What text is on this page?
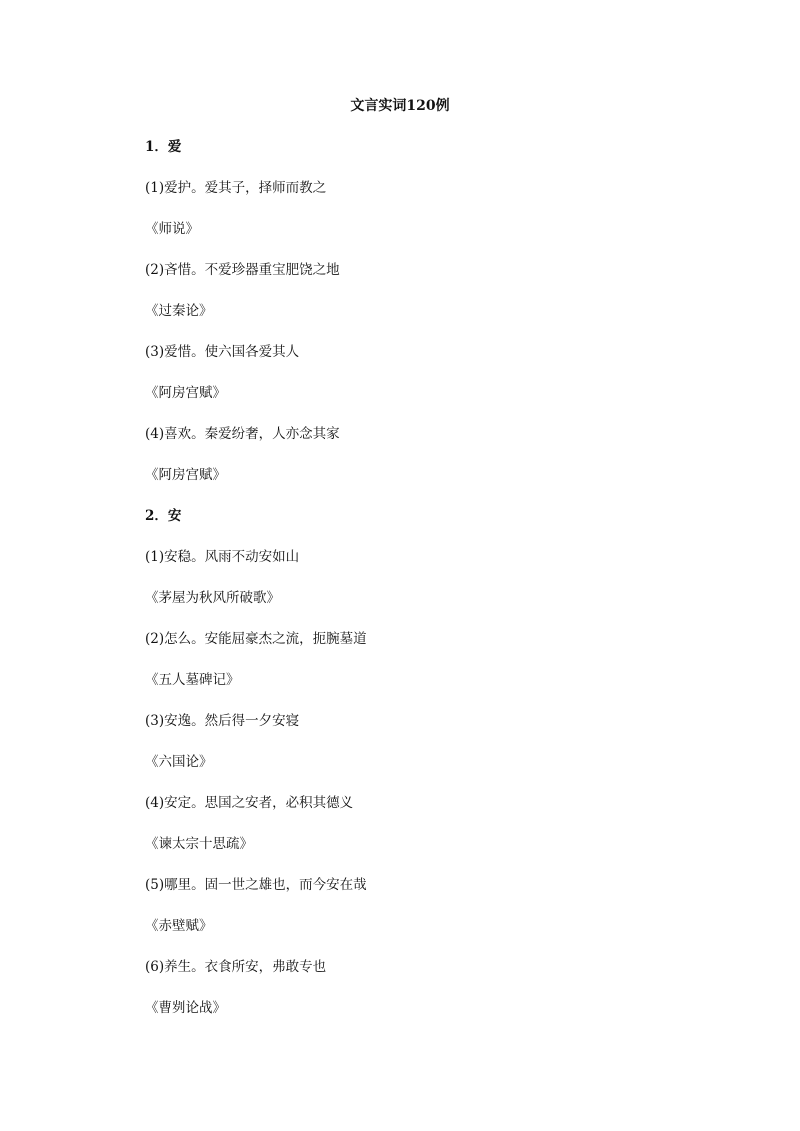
文言实词120例
1．爱
(1)爱护。爱其子，择师而教之
《师说》
(2)吝惜。不爱珍器重宝肥饶之地
《过秦论》
(3)爱惜。使六国各爱其人
《阿房宫赋》
(4)喜欢。秦爱纷奢，人亦念其家
《阿房宫赋》
2．安
(1)安稳。风雨不动安如山
《茅屋为秋风所破歌》
(2)怎么。安能屈豪杰之流，扼腕墓道
《五人墓碑记》
(3)安逸。然后得一夕安寝
《六国论》
(4)安定。思国之安者，必积其德义
《谏太宗十思疏》
(5)哪里。固一世之雄也，而今安在哉
《赤壁赋》
(6)养生。衣食所安，弗敢专也
《曹刿论战》
